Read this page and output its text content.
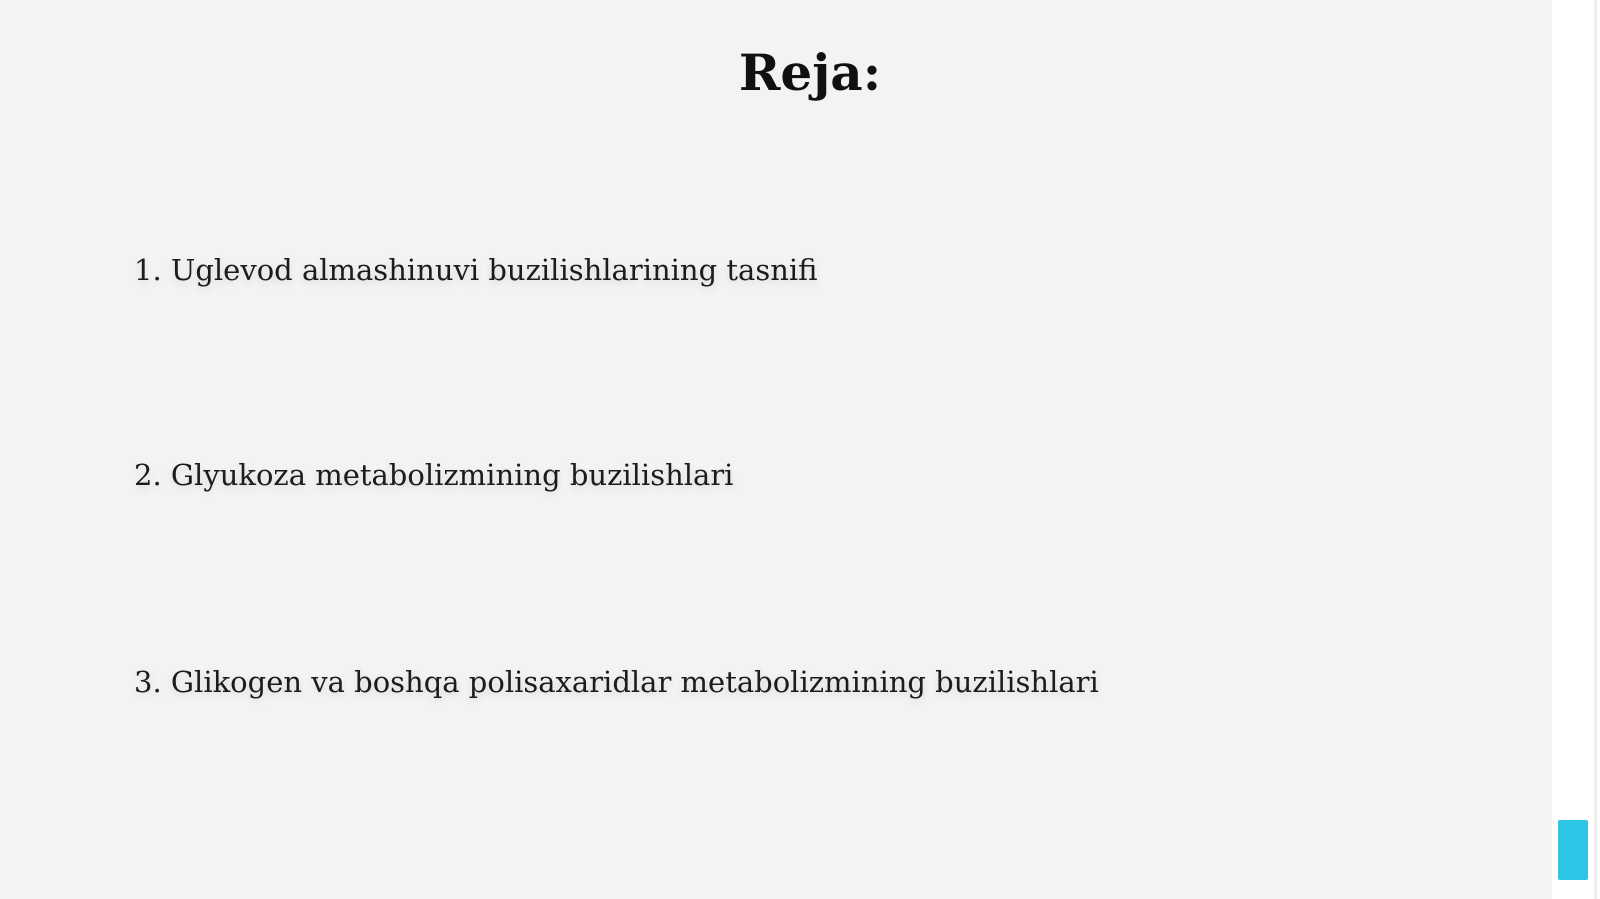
Reja:
1. Uglevod almashinuvi buzilishlarining tasnifi
2. Glyukoza metabolizmining buzilishlari
3. Glikogen va boshqa polisaxaridlar metabolizmining buzilishlari
